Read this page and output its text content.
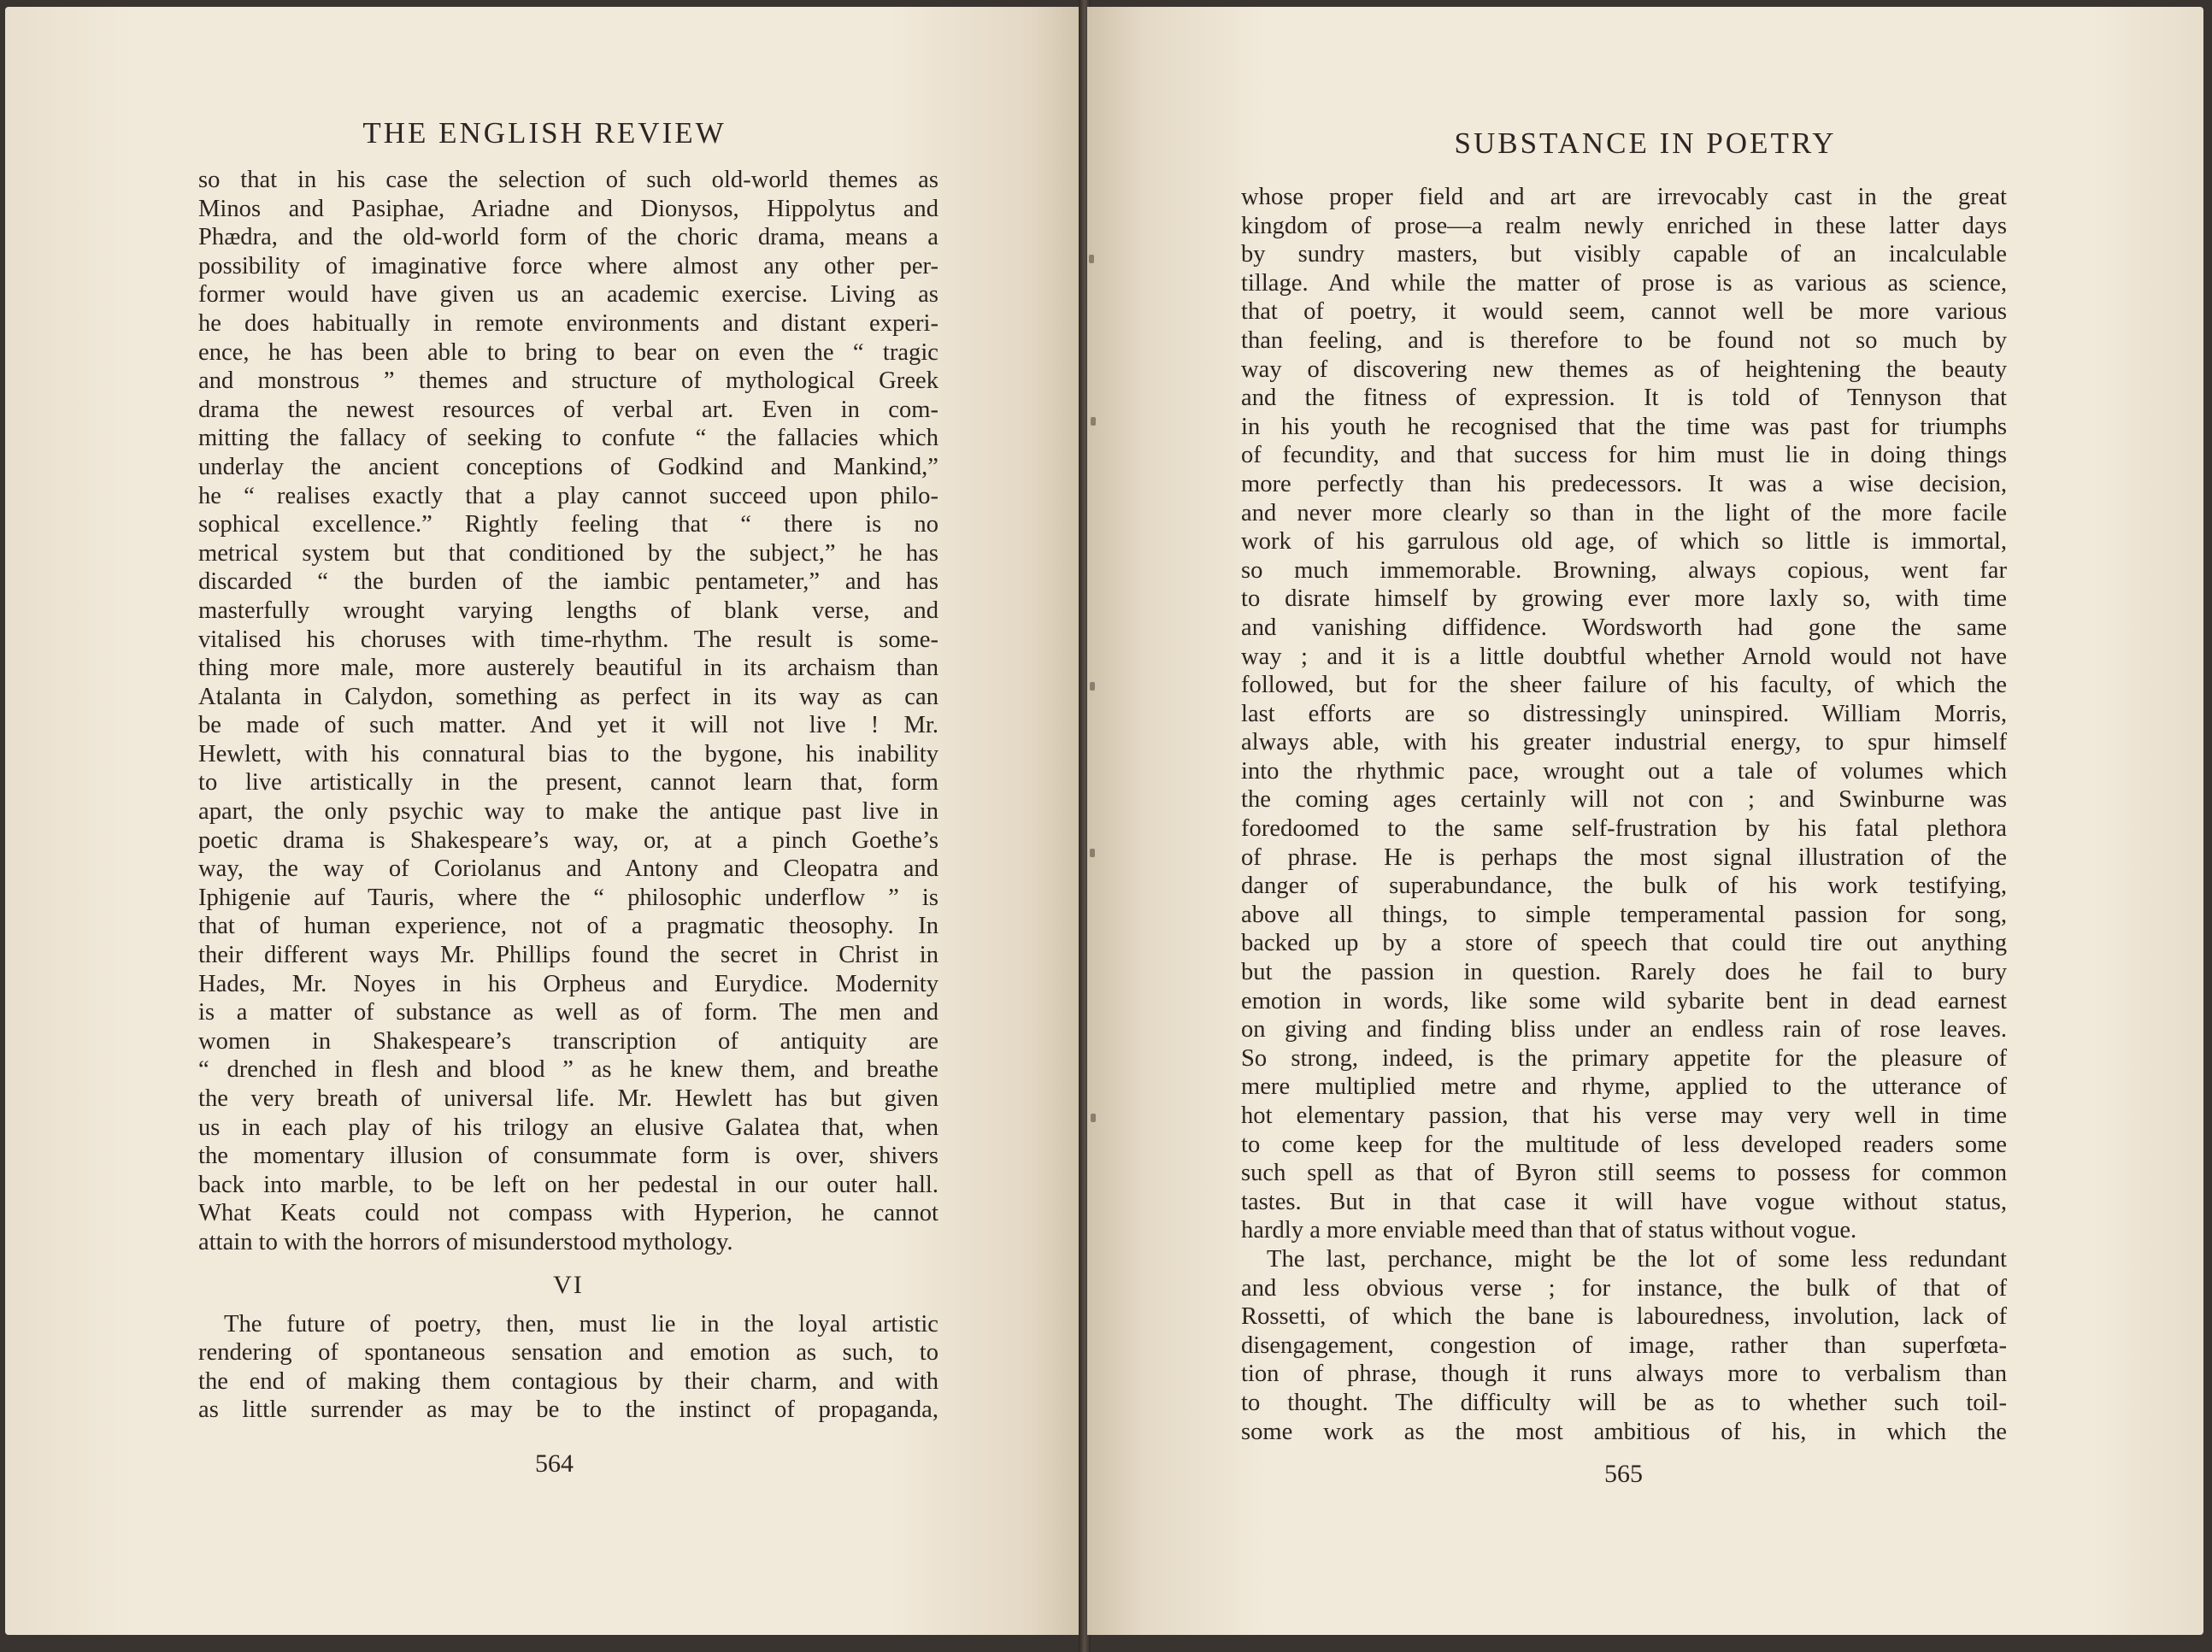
THE ENGLISH REVIEW
so that in his case the selection of such old-world themes as
Minos and Pasiphae, Ariadne and Dionysos, Hippolytus and
Phædra, and the old-world form of the choric drama, means a
possibility of imaginative force where almost any other per-
former would have given us an academic exercise. Living as
he does habitually in remote environments and distant experi-
ence, he has been able to bring to bear on even the “ tragic
and monstrous ” themes and structure of mythological Greek
drama the newest resources of verbal art. Even in com-
mitting the fallacy of seeking to confute “ the fallacies which
underlay the ancient conceptions of Godkind and Mankind,”
he “ realises exactly that a play cannot succeed upon philo-
sophical excellence.” Rightly feeling that “ there is no
metrical system but that conditioned by the subject,” he has
discarded “ the burden of the iambic pentameter,” and has
masterfully wrought varying lengths of blank verse, and
vitalised his choruses with time-rhythm. The result is some-
thing more male, more austerely beautiful in its archaism than
Atalanta in Calydon, something as perfect in its way as can
be made of such matter. And yet it will not live ! Mr.
Hewlett, with his connatural bias to the bygone, his inability
to live artistically in the present, cannot learn that, form
apart, the only psychic way to make the antique past live in
poetic drama is Shakespeare’s way, or, at a pinch Goethe’s
way, the way of Coriolanus and Antony and Cleopatra and
Iphigenie auf Tauris, where the “ philosophic underflow ” is
that of human experience, not of a pragmatic theosophy. In
their different ways Mr. Phillips found the secret in Christ in
Hades, Mr. Noyes in his Orpheus and Eurydice. Modernity
is a matter of substance as well as of form. The men and
women in Shakespeare’s transcription of antiquity are
“ drenched in flesh and blood ” as he knew them, and breathe
the very breath of universal life. Mr. Hewlett has but given
us in each play of his trilogy an elusive Galatea that, when
the momentary illusion of consummate form is over, shivers
back into marble, to be left on her pedestal in our outer hall.
What Keats could not compass with Hyperion, he cannot
attain to with the horrors of misunderstood mythology.
VI
The future of poetry, then, must lie in the loyal artistic
rendering of spontaneous sensation and emotion as such, to
the end of making them contagious by their charm, and with
as little surrender as may be to the instinct of propaganda,
564
SUBSTANCE IN POETRY
whose proper field and art are irrevocably cast in the great
kingdom of prose—a realm newly enriched in these latter days
by sundry masters, but visibly capable of an incalculable
tillage. And while the matter of prose is as various as science,
that of poetry, it would seem, cannot well be more various
than feeling, and is therefore to be found not so much by
way of discovering new themes as of heightening the beauty
and the fitness of expression. It is told of Tennyson that
in his youth he recognised that the time was past for triumphs
of fecundity, and that success for him must lie in doing things
more perfectly than his predecessors. It was a wise decision,
and never more clearly so than in the light of the more facile
work of his garrulous old age, of which so little is immortal,
so much immemorable. Browning, always copious, went far
to disrate himself by growing ever more laxly so, with time
and vanishing diffidence. Wordsworth had gone the same
way ; and it is a little doubtful whether Arnold would not have
followed, but for the sheer failure of his faculty, of which the
last efforts are so distressingly uninspired. William Morris,
always able, with his greater industrial energy, to spur himself
into the rhythmic pace, wrought out a tale of volumes which
the coming ages certainly will not con ; and Swinburne was
foredoomed to the same self-frustration by his fatal plethora
of phrase. He is perhaps the most signal illustration of the
danger of superabundance, the bulk of his work testifying,
above all things, to simple temperamental passion for song,
backed up by a store of speech that could tire out anything
but the passion in question. Rarely does he fail to bury
emotion in words, like some wild sybarite bent in dead earnest
on giving and finding bliss under an endless rain of rose leaves.
So strong, indeed, is the primary appetite for the pleasure of
mere multiplied metre and rhyme, applied to the utterance of
hot elementary passion, that his verse may very well in time
to come keep for the multitude of less developed readers some
such spell as that of Byron still seems to possess for common
tastes. But in that case it will have vogue without status,
hardly a more enviable meed than that of status without vogue.
The last, perchance, might be the lot of some less redundant
and less obvious verse ; for instance, the bulk of that of
Rossetti, of which the bane is labouredness, involution, lack of
disengagement, congestion of image, rather than superfœta-
tion of phrase, though it runs always more to verbalism than
to thought. The difficulty will be as to whether such toil-
some work as the most ambitious of his, in which the
565
